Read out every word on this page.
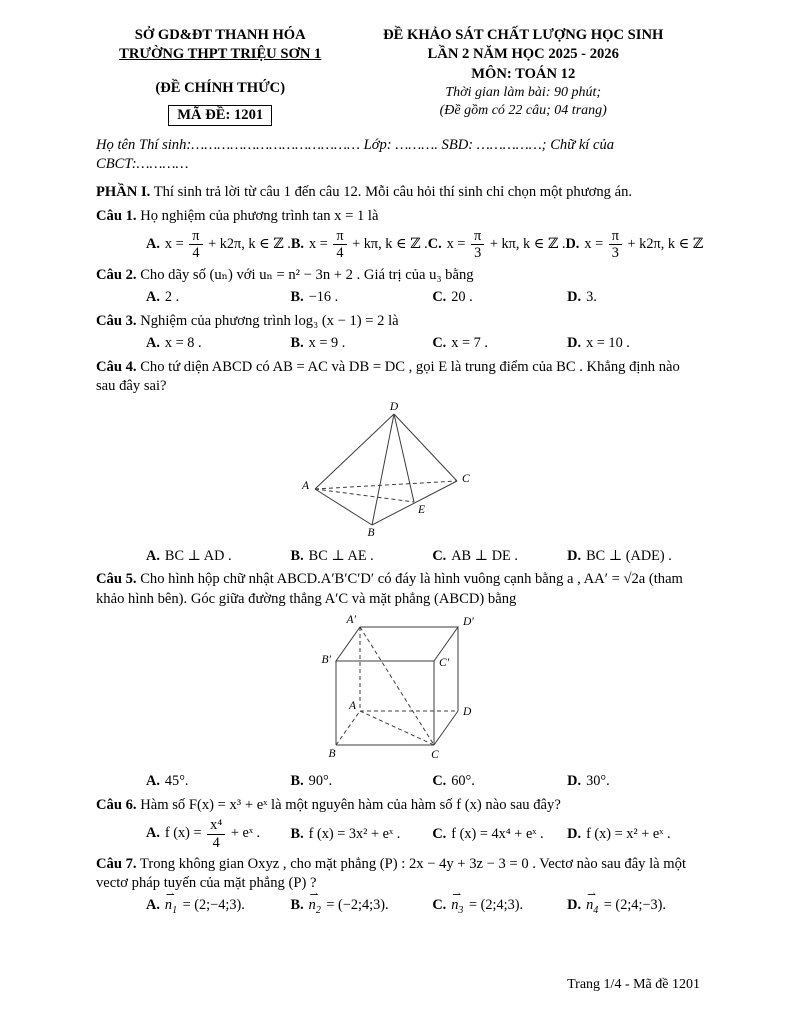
SỞ GD&ĐT THANH HÓA
TRƯỜNG THPT TRIỆU SƠN 1
(ĐỀ CHÍNH THỨC)
MÃ ĐỀ: 1201
ĐỀ KHẢO SÁT CHẤT LƯỢNG HỌC SINH
LẦN 2 NĂM HỌC 2025 - 2026
MÔN: TOÁN 12
Thời gian làm bài: 90 phút;
(Đề gồm có 22 câu; 04 trang)
Họ tên Thí sinh:………………………………… Lớp: ………. SBD: ……………; Chữ kí của CBCT:…………
PHẦN I. Thí sinh trả lời từ câu 1 đến câu 12. Mỗi câu hỏi thí sinh chỉ chọn một phương án.
Câu 1. Họ nghiệm của phương trình tan x = 1 là
A. $x = \frac{\pi}{4} + k2\pi$, k ∈ ℤ . B. $x = \frac{\pi}{4} + k\pi$, k ∈ ℤ . C. $x = \frac{\pi}{3} + k\pi$, k ∈ ℤ . D. $x = \frac{\pi}{3} + k2\pi$, k ∈ ℤ
Câu 2. Cho dãy số (uₙ) với uₙ = n² − 3n + 2 . Giá trị của u₃ bằng
A. 2 .	B. −16 .	C. 20 .	D. 3.
Câu 3. Nghiệm của phương trình log₃ (x − 1) = 2 là
A. x = 8 .	B. x = 9 .	C. x = 7 .	D. x = 10 .
Câu 4. Cho tứ diện ABCD có AB = AC và DB = DC , gọi E là trung điểm của BC . Khẳng định nào sau đây sai?
D
A
C
B
E
A. BC ⊥ AD .	B. BC ⊥ AE .	C. AB ⊥ DE .	D. BC ⊥ (ADE) .
Câu 5. Cho hình hộp chữ nhật ABCD.A′B′C′D′ có đáy là hình vuông cạnh bằng a , AA′ = √2a (tham khảo hình bên). Góc giữa đường thẳng A′C và mặt phẳng (ABCD) bằng
A′	D′
B′	C′
A	D
B	C
A. 45°.	B. 90°.	C. 60°.	D. 30°.
Câu 6. Hàm số F(x) = x³ + eˣ là một nguyên hàm của hàm số f (x) nào sau đây?
A. f $(x) = \frac{\text{x⁴}}{4}$ + eˣ .	B. f (x) = 3x² + eˣ .	C. f (x) = 4x⁴ + eˣ .	D. f (x) = x² + eˣ .
Câu 7. Trong không gian Oxyz , cho mặt phẳng (P) : 2x − 4y + 3z − 3 = 0 . Vectơ nào sau đây là một vectơ pháp tuyến của mặt phẳng (P) ?
A. ⇀ $n_1$ = (2;−4;3).	B. ⇀ $n_2$ = (−2;4;3).	C. ⇀ $n_3$ = (2;4;3).	D. ⇀ $n_4$ = (2;4;−3).
Trang 1/4 - Mã đề 1201
